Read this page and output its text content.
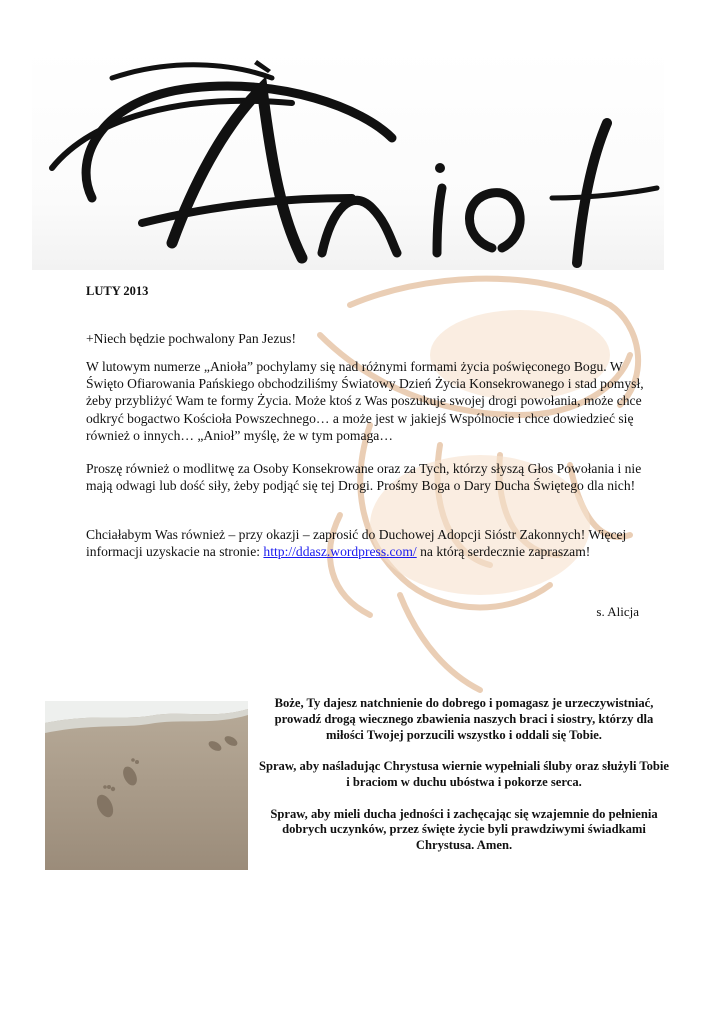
LUTY 2013
+Niech będzie pochwalony Pan Jezus!
W lutowym numerze „Anioła” pochylamy się nad różnymi formami życia poświęconego Bogu. W Święto Ofiarowania Pańskiego obchodziliśmy Światowy Dzień Życia Konsekrowanego i stad pomysł, żeby przybliżyć Wam te formy Życia. Może ktoś z Was poszukuje swojej drogi powołania, może chce odkryć bogactwo Kościoła Powszechnego… a może jest w jakiejś Wspólnocie i chce dowiedzieć się również o innych… „Anioł” myślę, że w tym pomaga…
Proszę również o modlitwę za Osoby Konsekrowane oraz za Tych, którzy słyszą Głos Powołania i nie mają odwagi lub dość siły, żeby podjąć się tej Drogi. Prośmy Boga o Dary Ducha Świętego dla nich!
Chciałabym Was również – przy okazji – zaprosić do Duchowej Adopcji Sióstr Zakonnych! Więcej informacji uzyskacie na stronie: http://ddasz.wordpress.com/ na którą serdecznie zapraszam!
s. Alicja

Boże, Ty dajesz natchnienie do dobrego i pomagasz je urzeczywistniać, prowadź drogą wiecznego zbawienia naszych braci i siostry, którzy dla miłości Twojej porzucili wszystko i oddali się Tobie.

Spraw, aby naśladując Chrystusa wiernie wypełniali śluby oraz służyli Tobie i braciom w duchu ubóstwa i pokorze serca.

Spraw, aby mieli ducha jedności i zachęcając się wzajemnie do pełnienia dobrych uczynków, przez święte życie byli prawdziwymi świadkami Chrystusa. Amen.
